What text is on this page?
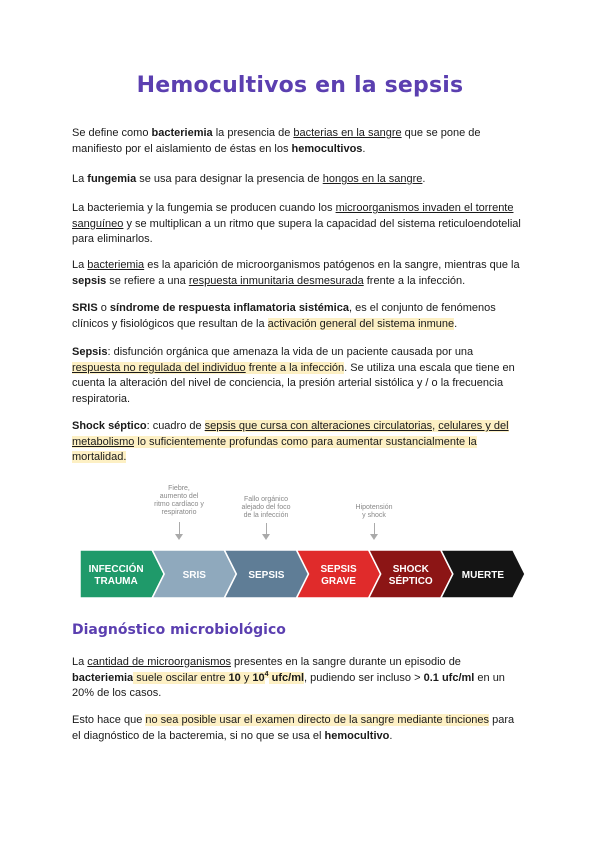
Hemocultivos en la sepsis
Se define como bacteriemia la presencia de bacterias en la sangre que se pone de manifiesto por el aislamiento de éstas en los hemocultivos.
La fungemia se usa para designar la presencia de hongos en la sangre.
La bacteriemia y la fungemia se producen cuando los microorganismos invaden el torrente sanguíneo y se multiplican a un ritmo que supera la capacidad del sistema reticuloendotelial para eliminarlos.
La bacteriemia es la aparición de microorganismos patógenos en la sangre, mientras que la sepsis se refiere a una respuesta inmunitaria desmesurada frente a la infección.
SRIS o síndrome de respuesta inflamatoria sistémica, es el conjunto de fenómenos clínicos y fisiológicos que resultan de la activación general del sistema inmune.
Sepsis: disfunción orgánica que amenaza la vida de un paciente causada por una respuesta no regulada del individuo frente a la infección. Se utiliza una escala que tiene en cuenta la alteración del nivel de conciencia, la presión arterial sistólica y / o la frecuencia respiratoria.
Shock séptico: cuadro de sepsis que cursa con alteraciones circulatorias, celulares y del metabolismo lo suficientemente profundas como para aumentar sustancialmente la mortalidad.
Fiebre,
aumento del
ritmo cardíaco y
respiratorio
Fallo orgánico
alejado del foco
de la infección
Hipotensión
y shock
INFECCIÓN
TRAUMA
SRIS	SEPSIS
SEPSIS
GRAVE
SHOCK
SÉPTICO
MUERTE
Diagnóstico microbiológico
La cantidad de microorganismos presentes en la sangre durante un episodio de bacteriemia suele oscilar entre 10 y $10^4$ ufc/ml, pudiendo ser incluso > 0.1 ufc/ml en un 20% de los casos.
Esto hace que no sea posible usar el examen directo de la sangre mediante tinciones para el diagnóstico de la bacteremia, si no que se usa el hemocultivo.
